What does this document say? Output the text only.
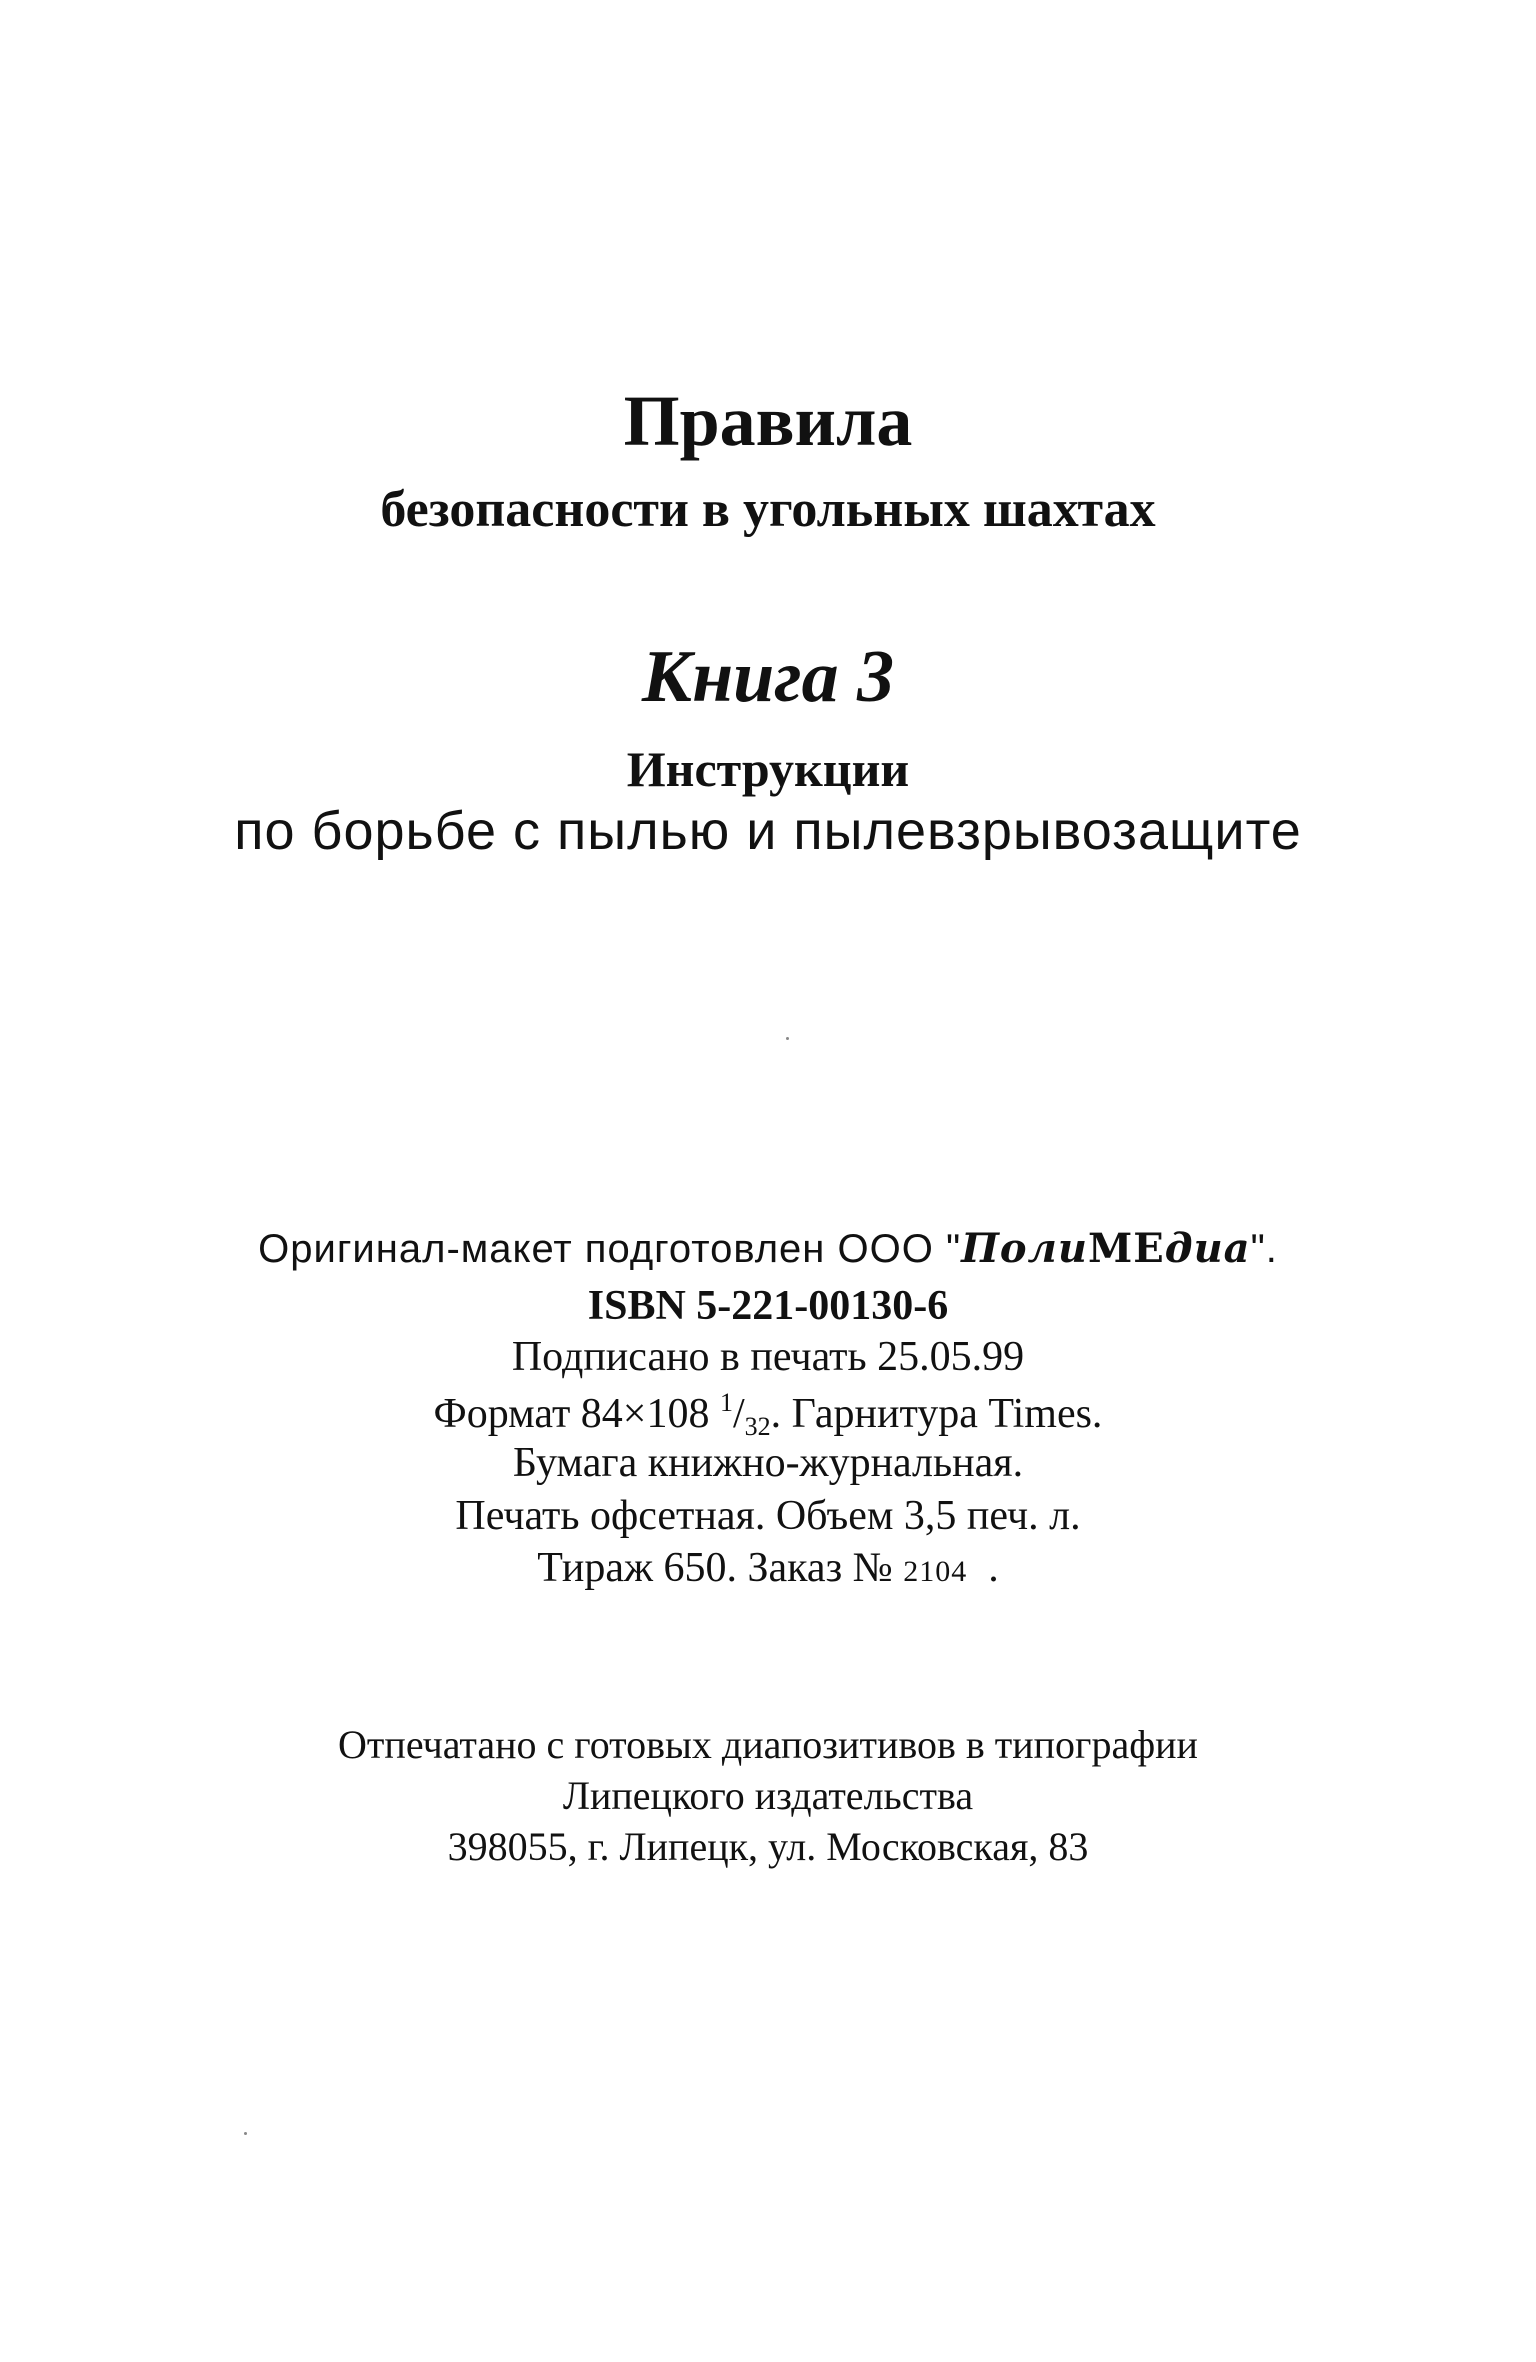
Правила
безопасности в угольных шахтах
Книга 3
Инструкции
по борьбе с пылью и пылевзрывозащите
Оригинал-макет подготовлен ООО "ПолиМЕдиа".
ISBN 5-221-00130-6
Подписано в печать 25.05.99
Формат 84×108 $^1/_{32}$. Гарнитура Times.
Бумага книжно-журнальная.
Печать офсетная. Объем 3,5 печ. л.
Тираж 650. Заказ № 2104  .
Отпечатано с готовых диапозитивов в типографии
Липецкого издательства
398055, г. Липецк, ул. Московская, 83
